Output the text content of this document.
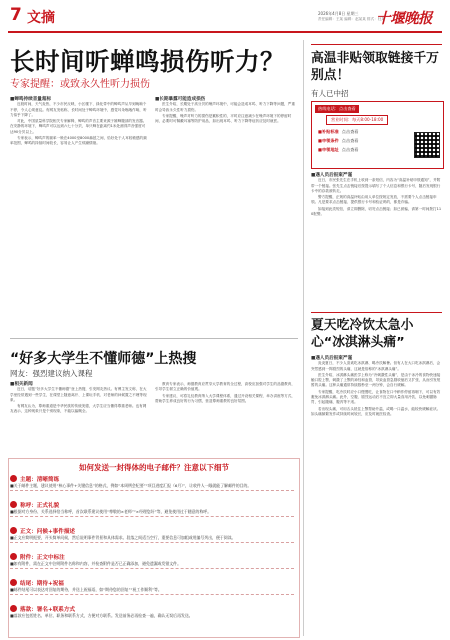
7 文摘	2026年4月8日 星期三
责任编辑：王某 编辑：赵某某 排式：杜某
十堰晚报
长时间听蝉鸣损伤听力？
专家提醒：或致永久性听力损伤
■蝉鸣持续音量超标

近段时间，天气炎热，不少市民反映，小区楼下、绿化带中的蝉鸣声从早到晚响个不停，令人心烦意乱。有网友发帖称，长时间处于蝉鸣环境中，感觉耳朵嗡嗡作响，听力似乎下降了。

对此，中国质量科学院相关专家解释，蝉鸣的声音主要来源于雄蝉腹部的发音器。在安静的环境下，蝉鸣声可以达到六七十分贝，单只蝉在距离约1米处测得声音强度可达90分贝以上。

专家表示，蝉鸣声的频率一般在4000至8000赫兹之间，恰好处于人耳较敏感的频率范围，蝉鸣的持续时间较长，容易让人产生烦躁情绪。

■长期暴露可能造成损伤

医生介绍，长期处于高分贝的噪声环境中，可能会造成耳鸣、听力下降等问题，严重时会导致永久性听力损伤。

专家提醒，噪声对听力的损伤是累积性的，平时应注意减少在噪声环境下的停留时间，必要时可佩戴耳塞等防护用品，如出现耳鸣、听力下降等症状应及时就医。

“好多大学生不懂师德”上热搜
网友：强烈建议纳入课程
■相关新闻

近日，话题“好多大学生不懂师德”登上热搜，引发网友热议。有博主发文称，在大学里经常遇到一些学生，在课堂上随意离开、上课玩手机、对老师的问候置之不理等现象。

有网友认为，尊师重道是中华民族的传统美德，大学生应当懂得尊重老师。也有网友表示，这种现象只是个别现象，不能以偏概全。

教育专家表示，师德教育应贯穿大学教育的全过程，高校应加强对学生的品德教育，引导学生树立正确的价值观。

专家建议，可将礼仪教育纳入大学课程体系，通过开设相关课程、举办讲座等方式，帮助学生养成良好的行为习惯，营造尊师重教的良好氛围。

如何发送一封得体的电子邮件？注意以下细节
主题：清晰简练
■关于邮件主题，建议使用“核心事件+关键信息”的格式，例如“本周例会纪要”“项目进度汇报（6月）”，让收件人一眼就能了解邮件的目的。
称呼：正式礼貌
■根据对方身份、关系选择恰当称呼，首次联系建议使用“尊敬的×老师”“×经理您好”等，避免使用过于随意的称呼。
正文：问候+事件描述
■正文应简明扼要，开头简单问候，然后说明事件背景和具体需求。段落之间适当空行，重要信息可加粗或用编号列出，便于阅读。
附件：正文中标注
■如有附件，需在正文中注明附件名称和内容，并检查附件是否已正确添加，避免遗漏或发错文件。
结尾：期待+祝福
■邮件结尾可以表达对回复的期待，并送上祝福语，如“期待您的回复”“祝工作顺利”等。
落款：署名+联系方式
■落款应包括姓名、单位、职务和联系方式，方便对方联系。发送前务必再检查一遍，确认无误后再发送。
高温非贴领取链接千万别点！
有人已中招
热线电话：点击查看
营业时间：每天8:00-18:00
■补贴标准 点击查看
■申领条件 点击查看
■申领地址 点击查看
■遇人员后报案严谨

近日，市民张先生在手机上收到一条短信，内容为“高温补贴申领通知”，并附带一个链接。张先生点击链接后按提示填写了个人信息和银行卡号，随后发现银行卡中的存款被转走。

警方提醒，正规的高温补贴由用人单位按规定发放，不需要个人点击链接申领。凡是要求点击链接、提供银行卡号和验证码的，都是诈骗。

如接到此类短信，请立即删除，切勿点击链接；如已被骗，请第一时间拨打110报警。

夏天吃冷饮太急小心“冰淇淋头痛”
■遇人员后报案严谨

炎炎夏日，不少人喜欢吃冰淇淋、喝冷饮解暑。但有人在大口吃冰淇淋后，会突然感到一阵剧烈的头痛，这就是俗称的“冰淇淋头痛”。

医生介绍，冰淇淋头痛医学上称为“冷刺激性头痛”，是由于冰冷的食物快速接触口腔上颚，刺激了上颚的神经和血管，导致血管急剧收缩后又扩张，从而引发短暂的头痛。这种头痛通常持续数秒至一两分钟，会自行缓解。

专家提醒，吃冷饮时应小口慢慢吃，让食物在口中稍作停留再咽下，可以有效避免冰淇淋头痛。此外，空腹、剧烈运动后不宜立即大量食用冷饮，以免刺激肠胃，引起腹痛、腹泻等不适。

若出现头痛，可用舌头抵住上颚帮助升温，或喝一口温水，能较快缓解症状。如头痛频繁发作或持续时间较长，应及时就医检查。
